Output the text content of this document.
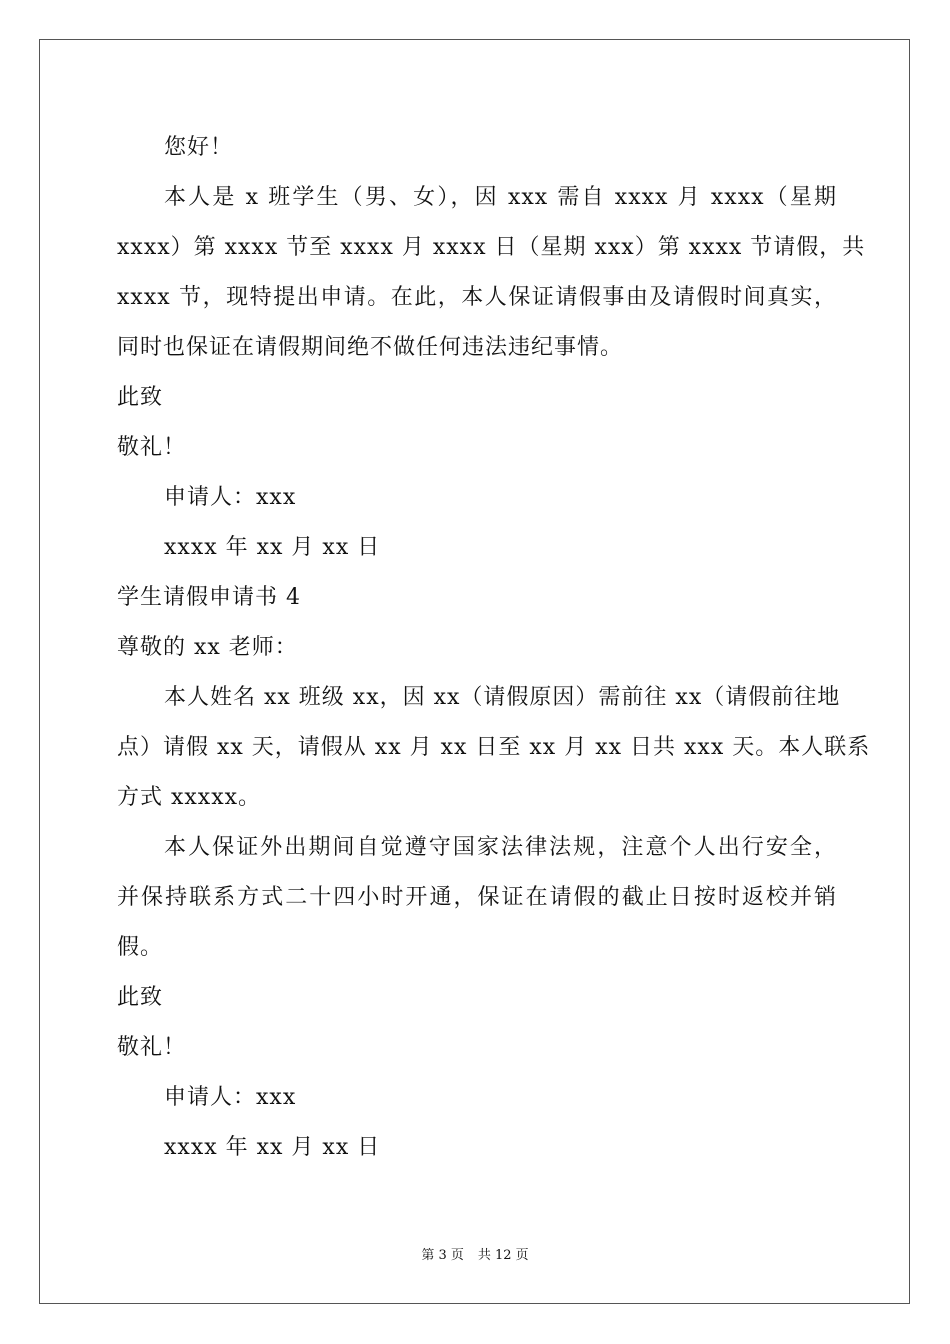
您好！
本人是 x 班学生（男、女），因 xxx 需自 xxxx 月 xxxx（星期
xxxx）第 xxxx 节至 xxxx 月 xxxx 日（星期 xxx）第 xxxx 节请假，共
xxxx 节，现特提出申请。在此，本人保证请假事由及请假时间真实，
同时也保证在请假期间绝不做任何违法违纪事情。
此致
敬礼！
申请人：xxx
xxxx 年 xx 月 xx 日
学生请假申请书 4
尊敬的 xx 老师：
本人姓名 xx 班级 xx，因 xx（请假原因）需前往 xx（请假前往地
点）请假 xx 天，请假从 xx 月 xx 日至 xx 月 xx 日共 xxx 天。本人联系
方式 xxxxx。
本人保证外出期间自觉遵守国家法律法规，注意个人出行安全，
并保持联系方式二十四小时开通，保证在请假的截止日按时返校并销
假。
此致
敬礼！
申请人：xxx
xxxx 年 xx 月 xx 日
第 3 页 共 12 页
